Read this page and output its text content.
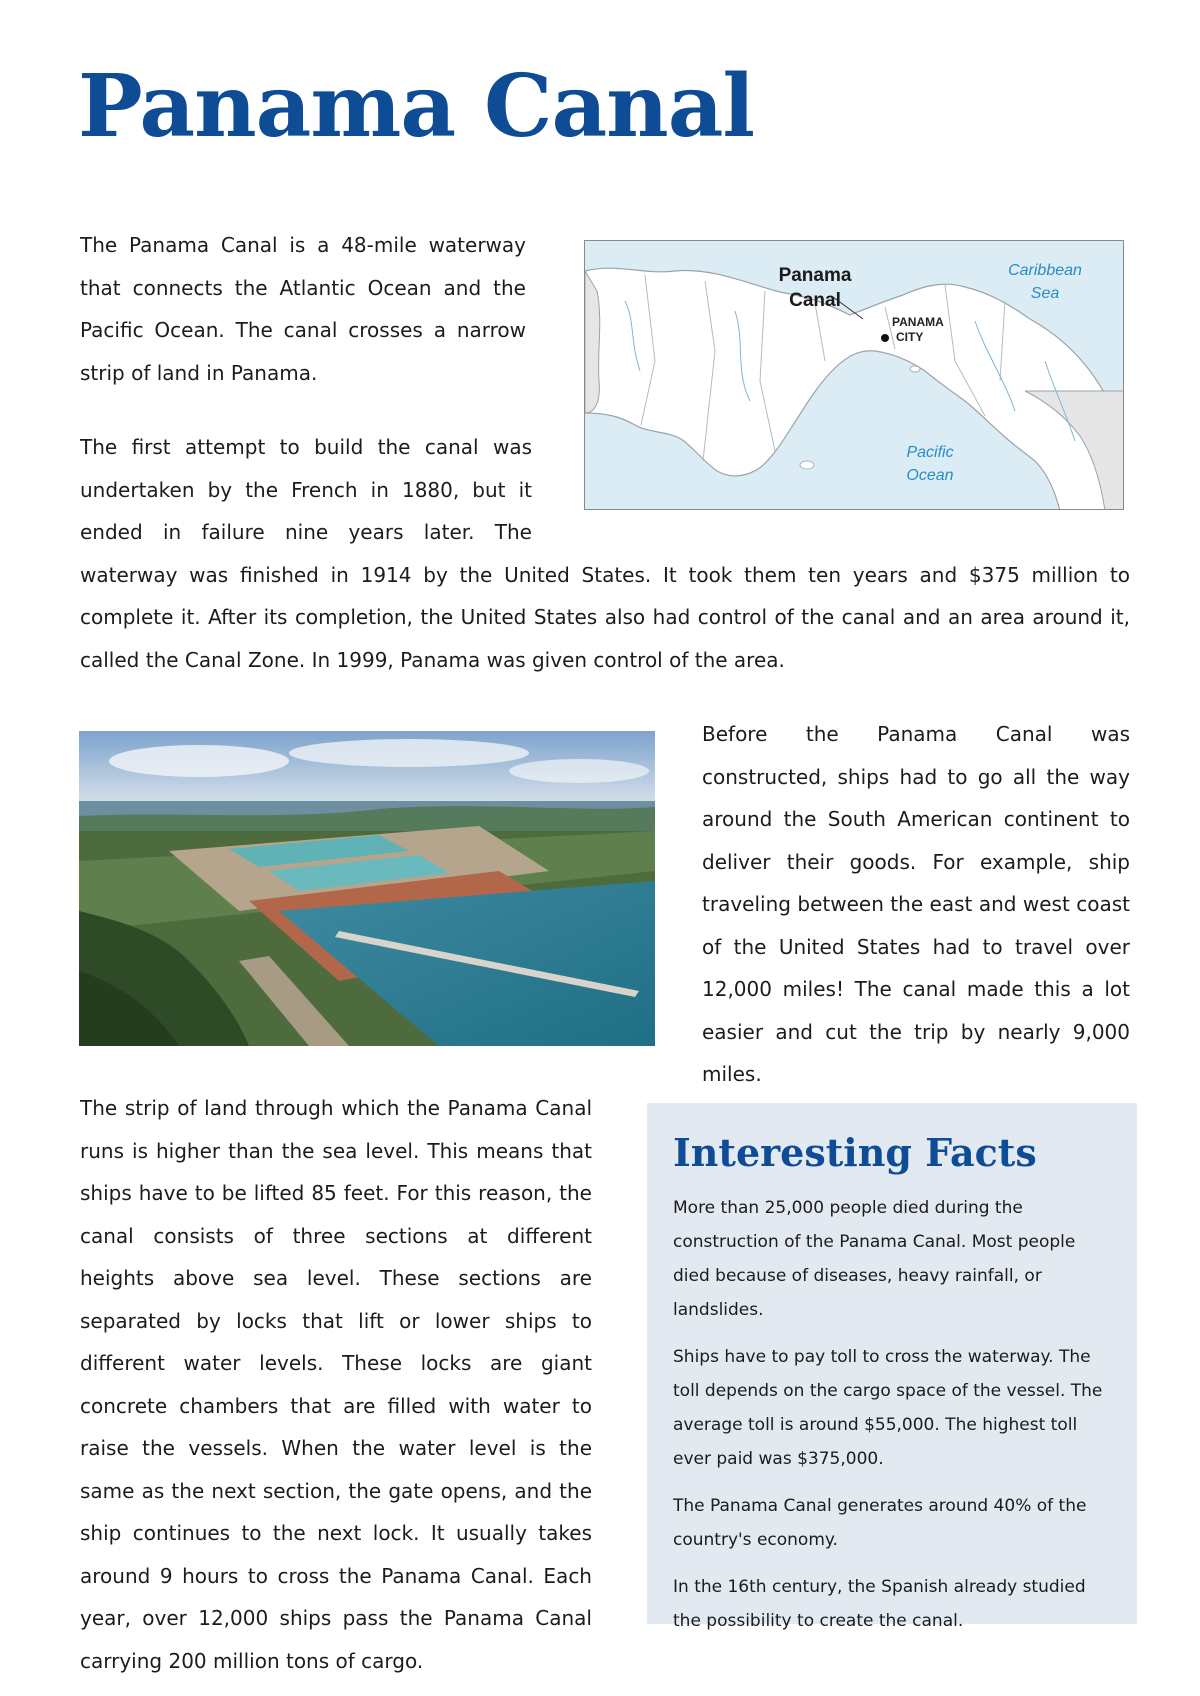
Panama Canal

The Panama Canal is a 48-mile waterway that connects the Atlantic Ocean and the Pacific Ocean. The canal crosses a narrow strip of land in Panama.

Panama
Canal
PANAMA
CITY
Caribbean
Sea
Pacific
Ocean

The first attempt to build the canal was undertaken by the French in 1880, but it ended in failure nine years later. The waterway was finished in 1914 by the United States. It took them ten years and $375 million to complete it. After its completion, the United States also had control of the canal and an area around it, called the Canal Zone. In 1999, Panama was given control of the area.

Before the Panama Canal was constructed, ships had to go all the way around the South American continent to deliver their goods. For example, ship traveling between the east and west coast of the United States had to travel over 12,000 miles! The canal made this a lot easier and cut the trip by nearly 9,000 miles.

The strip of land through which the Panama Canal runs is higher than the sea level. This means that ships have to be lifted 85 feet. For this reason, the canal consists of three sections at different heights above sea level. These sections are separated by locks that lift or lower ships to different water levels. These locks are giant concrete chambers that are filled with water to raise the vessels. When the water level is the same as the next section, the gate opens, and the ship continues to the next lock. It usually takes around 9 hours to cross the Panama Canal. Each year, over 12,000 ships pass the Panama Canal carrying 200 million tons of cargo.

Interesting Facts

More than 25,000 people died during the construction of the Panama Canal. Most people died because of diseases, heavy rainfall, or landslides.

Ships have to pay toll to cross the waterway. The toll depends on the cargo space of the vessel. The average toll is around $55,000. The highest toll ever paid was $375,000.

The Panama Canal generates around 40% of the country's economy.

In the 16th century, the Spanish already studied the possibility to create the canal.
